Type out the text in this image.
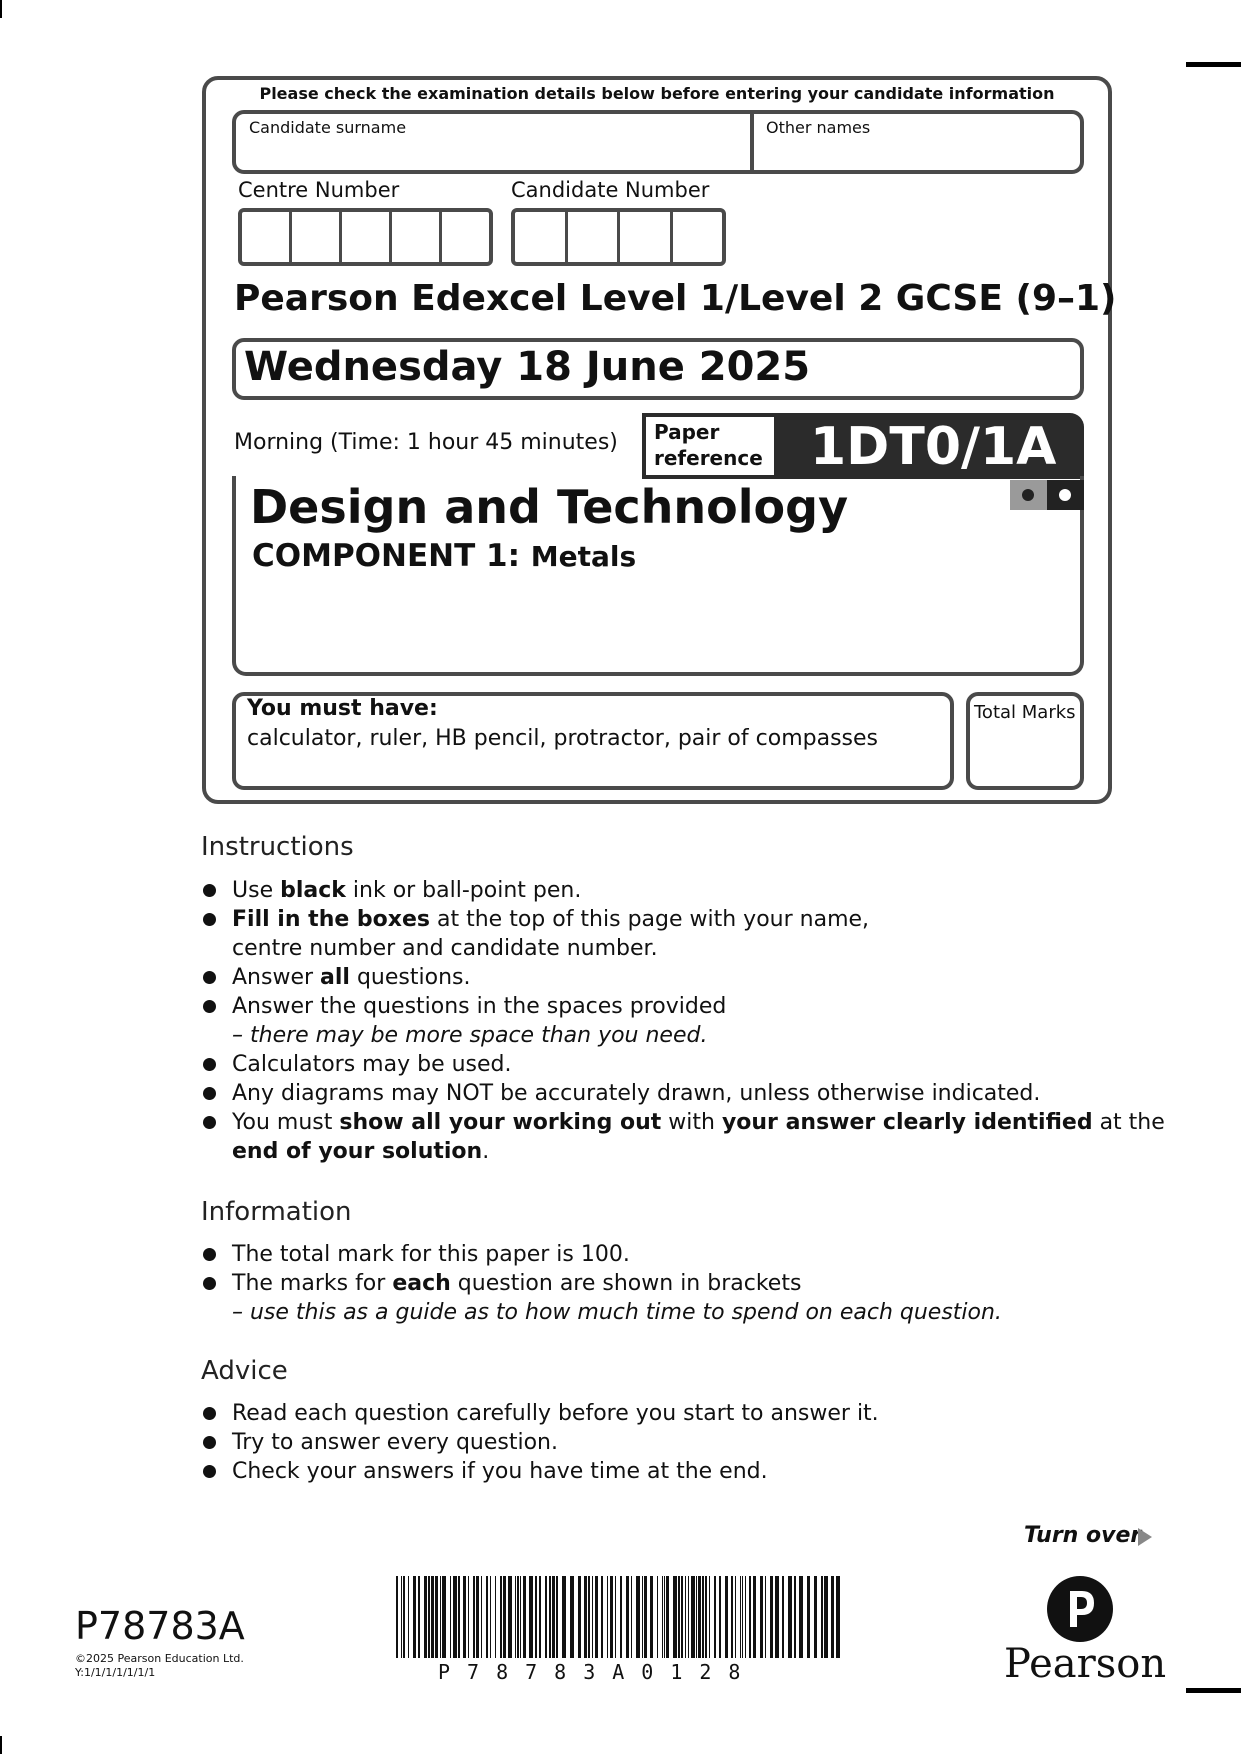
Please check the examination details below before entering your candidate information
Candidate surname	Other names
Centre Number	Candidate Number
Pearson Edexcel Level 1/Level 2 GCSE (9–1)
Wednesday 18 June 2025
Morning (Time: 1 hour 45 minutes) Paper
reference 1DT0/1A
Design and Technology
COMPONENT 1: Metals
You must have:
calculator, ruler, HB pencil, protractor, pair of compasses
Total Marks
Instructions
Use black ink or ball-point pen.
Fill in the boxes at the top of this page with your name,
centre number and candidate number.
Answer all questions.
Answer the questions in the spaces provided
– there may be more space than you need.
Calculators may be used.
Any diagrams may NOT be accurately drawn, unless otherwise indicated.
You must show all your working out with your answer clearly identified at the
end of your solution.
Information
The total mark for this paper is 100.
The marks for each question are shown in brackets
– use this as a guide as to how much time to spend on each question.
Advice
Read each question carefully before you start to answer it.
Try to answer every question.
Check your answers if you have time at the end.
Turn over
P78783A
©2025 Pearson Education Ltd.
Y:1/1/1/1/1/1/1	P78783A0128	Pearson
